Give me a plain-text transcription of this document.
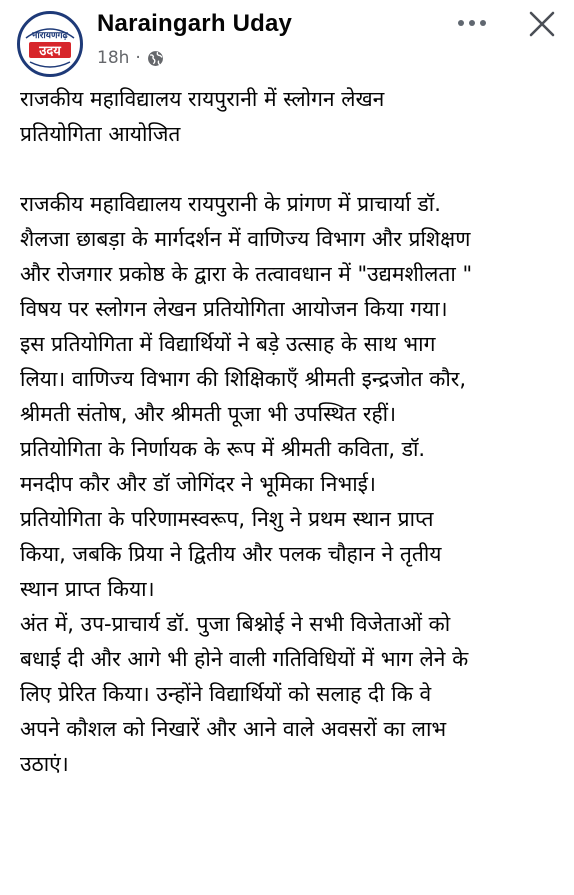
नारायणगढ़
उदय
Naraingarh Uday
18h ·

राजकीय महाविद्यालय रायपुरानी में स्लोगन लेखन

प्रतियोगिता आयोजित

राजकीय महाविद्यालय रायपुरानी के प्रांगण में प्राचार्या डॉ.

शैलजा छाबड़ा के मार्गदर्शन में वाणिज्य विभाग और प्रशिक्षण

और रोजगार प्रकोष्ठ के द्वारा के तत्वावधान में "उद्यमशीलता "

विषय पर स्लोगन लेखन प्रतियोगिता आयोजन किया गया।

इस प्रतियोगिता में विद्यार्थियों ने बड़े उत्साह के साथ भाग

लिया। वाणिज्य विभाग की शिक्षिकाएँ श्रीमती इन्द्रजोत कौर,

श्रीमती संतोष, और श्रीमती पूजा भी उपस्थित रहीं।

प्रतियोगिता के निर्णायक के रूप में श्रीमती कविता, डॉ.

मनदीप कौर और डॉ जोगिंदर ने भूमिका निभाई।

प्रतियोगिता के परिणामस्वरूप, निशु ने प्रथम स्थान प्राप्त

किया, जबकि प्रिया ने द्वितीय और पलक चौहान ने तृतीय

स्थान प्राप्त किया।

अंत में, उप-प्राचार्य डॉ. पुजा बिश्नोई ने सभी विजेताओं को

बधाई दी और आगे भी होने वाली गतिविधियों में भाग लेने के

लिए प्रेरित किया। उन्होंने विद्यार्थियों को सलाह दी कि वे

अपने कौशल को निखारें और आने वाले अवसरों का लाभ

उठाएं।
